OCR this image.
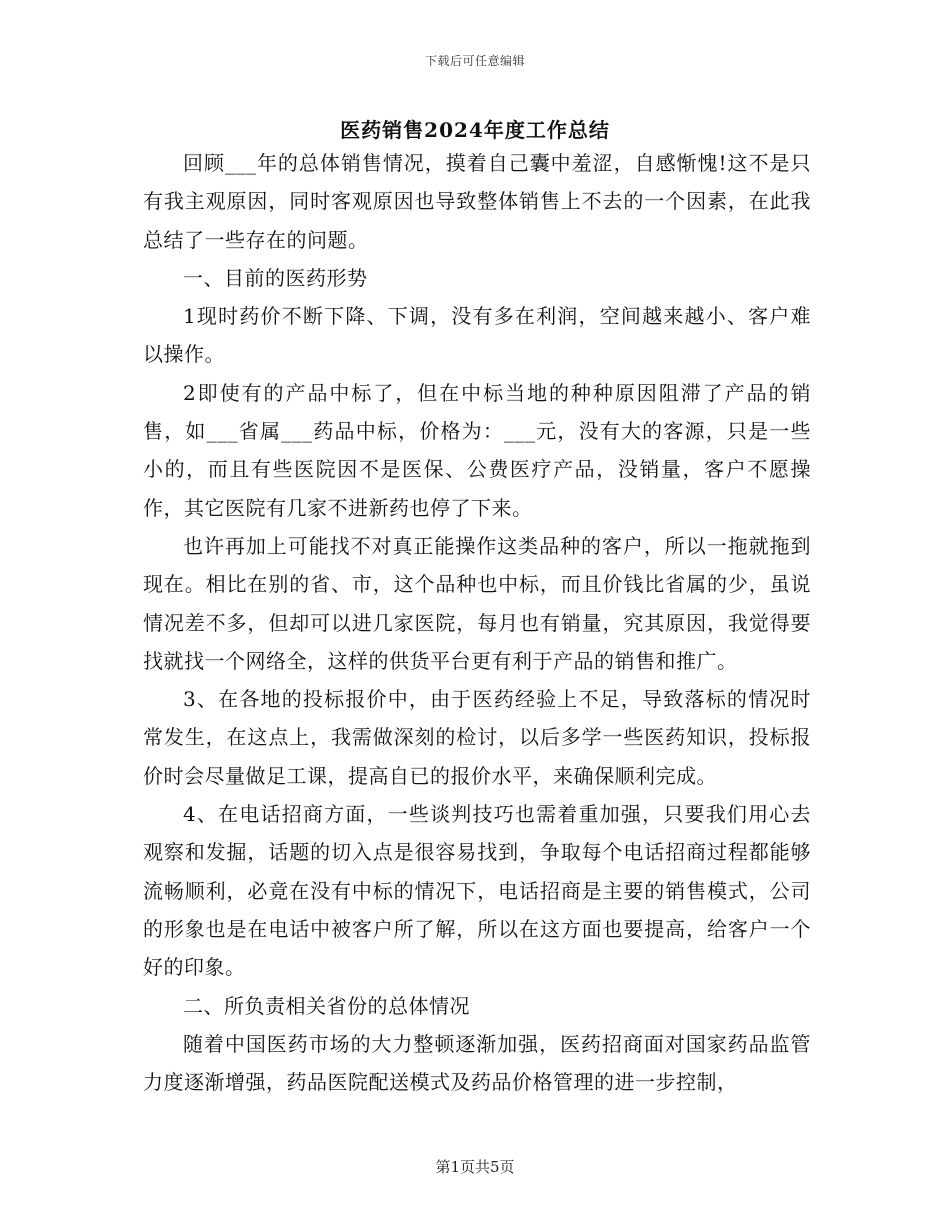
下载后可任意编辑
医药销售2024年度工作总结

回顾___年的总体销售情况，摸着自己囊中羞涩，自感惭愧!这不是只有我主观原因，同时客观原因也导致整体销售上不去的一个因素，在此我总结了一些存在的问题。

一、目前的医药形势

1现时药价不断下降、下调，没有多在利润，空间越来越小、客户难以操作。

2即使有的产品中标了，但在中标当地的种种原因阻滞了产品的销售，如___省属___药品中标，价格为：___元，没有大的客源，只是一些小的，而且有些医院因不是医保、公费医疗产品，没销量，客户不愿操作，其它医院有几家不进新药也停了下来。

也许再加上可能找不对真正能操作这类品种的客户，所以一拖就拖到现在。相比在别的省、市，这个品种也中标，而且价钱比省属的少，虽说情况差不多，但却可以进几家医院，每月也有销量，究其原因，我觉得要找就找一个网络全，这样的供货平台更有利于产品的销售和推广。

3、在各地的投标报价中，由于医药经验上不足，导致落标的情况时常发生，在这点上，我需做深刻的检讨，以后多学一些医药知识，投标报价时会尽量做足工课，提高自已的报价水平，来确保顺利完成。

4、在电话招商方面，一些谈判技巧也需着重加强，只要我们用心去观察和发掘，话题的切入点是很容易找到，争取每个电话招商过程都能够流畅顺利，必竟在没有中标的情况下，电话招商是主要的销售模式，公司的形象也是在电话中被客户所了解，所以在这方面也要提高，给客户一个好的印象。

二、所负责相关省份的总体情况

随着中国医药市场的大力整顿逐渐加强，医药招商面对国家药品监管力度逐渐增强，药品医院配送模式及药品价格管理的进一步控制，

第1页共5页
